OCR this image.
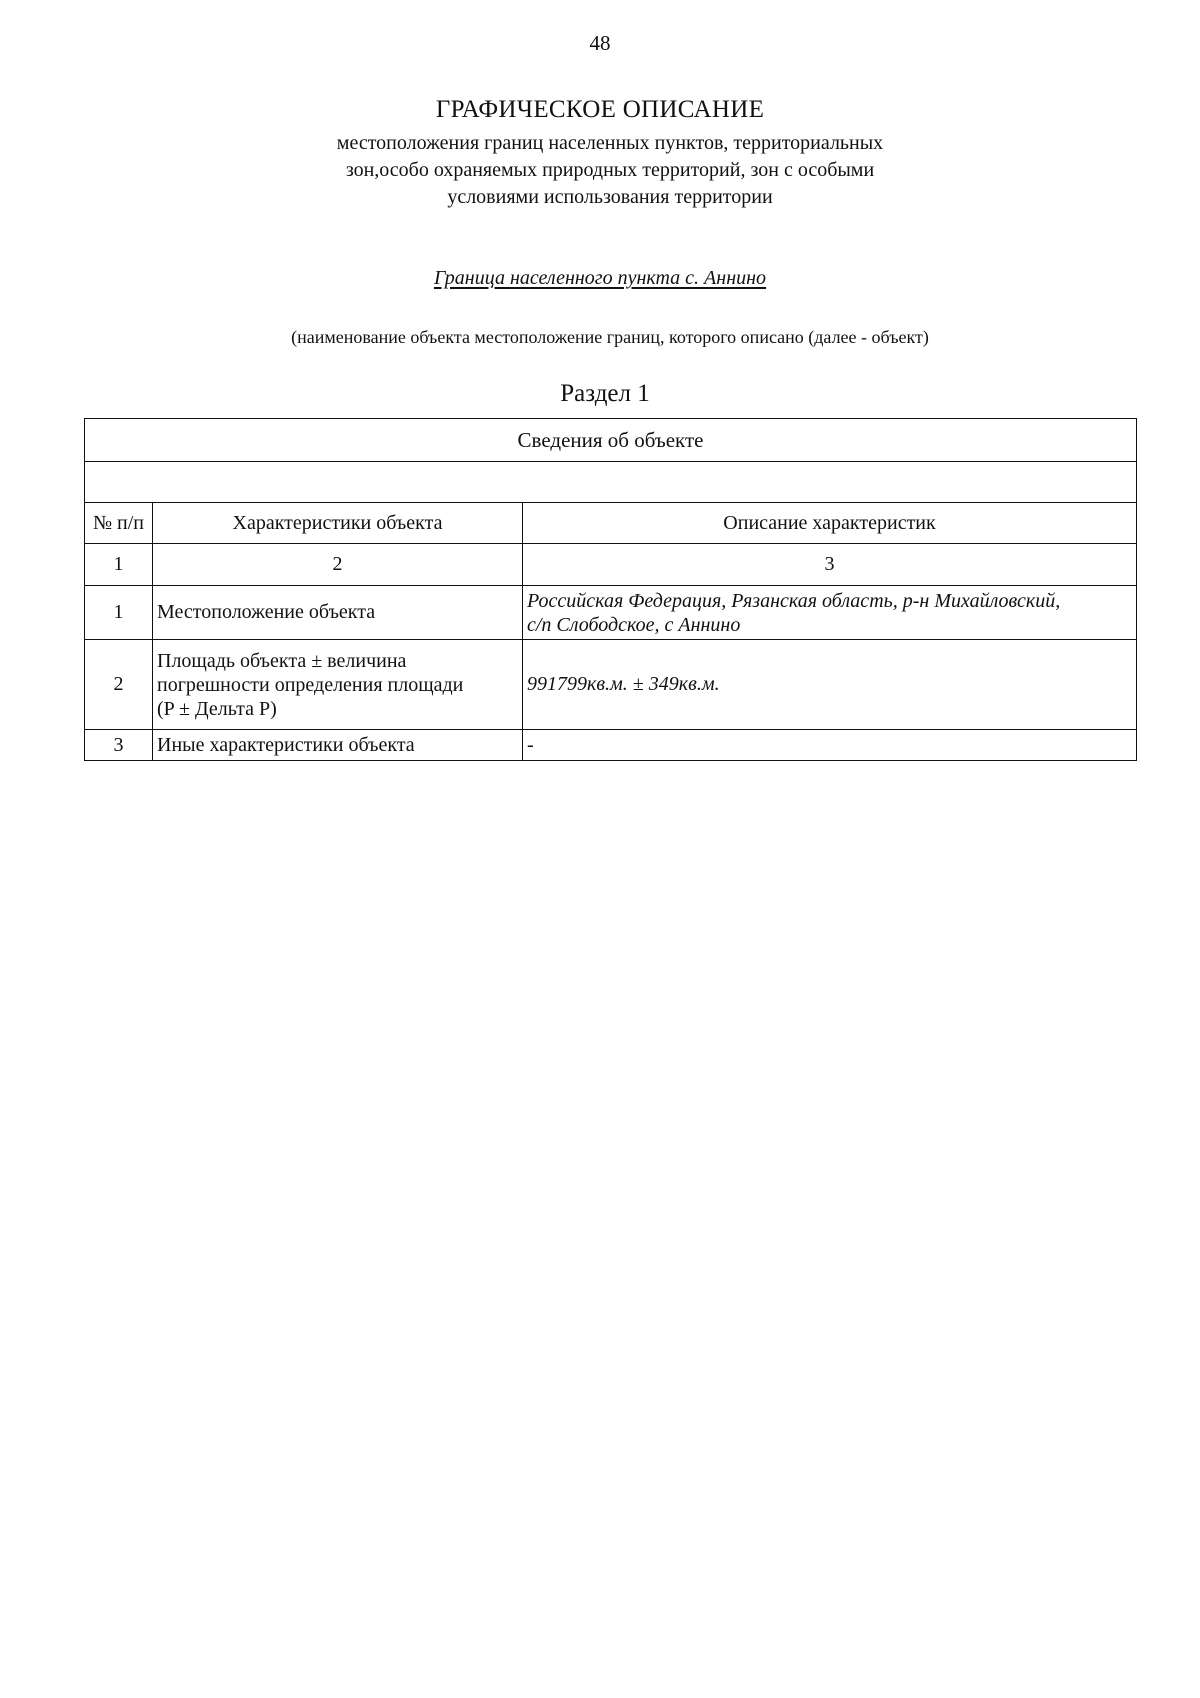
48
ГРАФИЧЕСКОЕ ОПИСАНИЕ
местоположения границ населенных пунктов, территориальных
зон,особо охраняемых природных территорий, зон с особыми
условиями использования территории
Граница населенного пункта с. Аннино
(наименование объекта местоположение границ, которого описано (далее - объект)
Раздел 1
Сведения об объекте		

№ п/п	Характеристики объекта	Описание характеристик
1	2	3
1	Местоположение объекта	Российская Федерация, Рязанская область, р-н Михайловский,
с/п Слободское, с Аннино

2	Площадь объекта ± величина
погрешности определения площади
(P ± Дельта P)	991799кв.м. ± 349кв.м.
3	Иные характеристики объекта	-
